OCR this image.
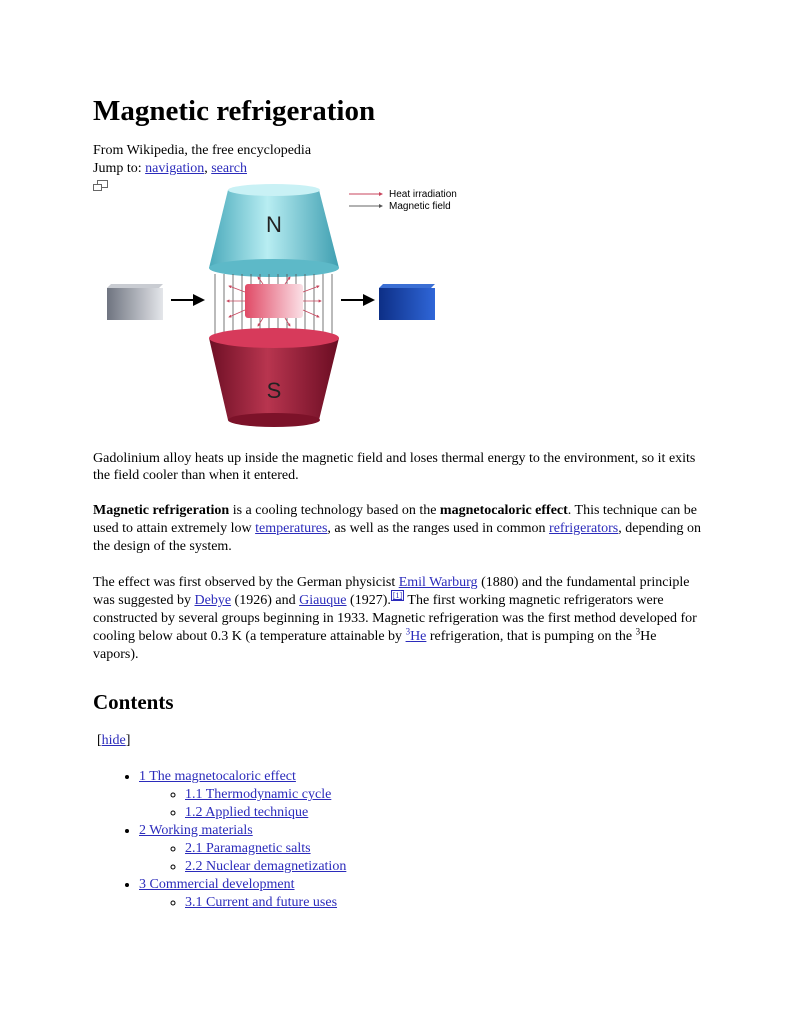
Magnetic refrigeration
From Wikipedia, the free encyclopedia
Jump to: navigation, search
Heat irradiation
Magnetic field
N
S
Gadolinium alloy heats up inside the magnetic field and loses thermal energy to the environment, so it exits the field cooler than when it entered.

Magnetic refrigeration is a cooling technology based on the magnetocaloric effect. This technique can be used to attain extremely low temperatures, as well as the ranges used in common refrigerators, depending on the design of the system.

The effect was first observed by the German physicist Emil Warburg (1880) and the fundamental principle was suggested by Debye (1926) and Giauque (1927). [1] The first working magnetic refrigerators were constructed by several groups beginning in 1933. Magnetic refrigeration was the first method developed for cooling below about 0.3 K (a temperature attainable by $^3$He refrigeration, that is pumping on the $^3$He vapors).

Contents
[hide]
• 1 The magnetocaloric effect
◦ 1.1 Thermodynamic cycle
◦ 1.2 Applied technique
• 2 Working materials
◦ 2.1 Paramagnetic salts
◦ 2.2 Nuclear demagnetization
• 3 Commercial development
◦ 3.1 Current and future uses
